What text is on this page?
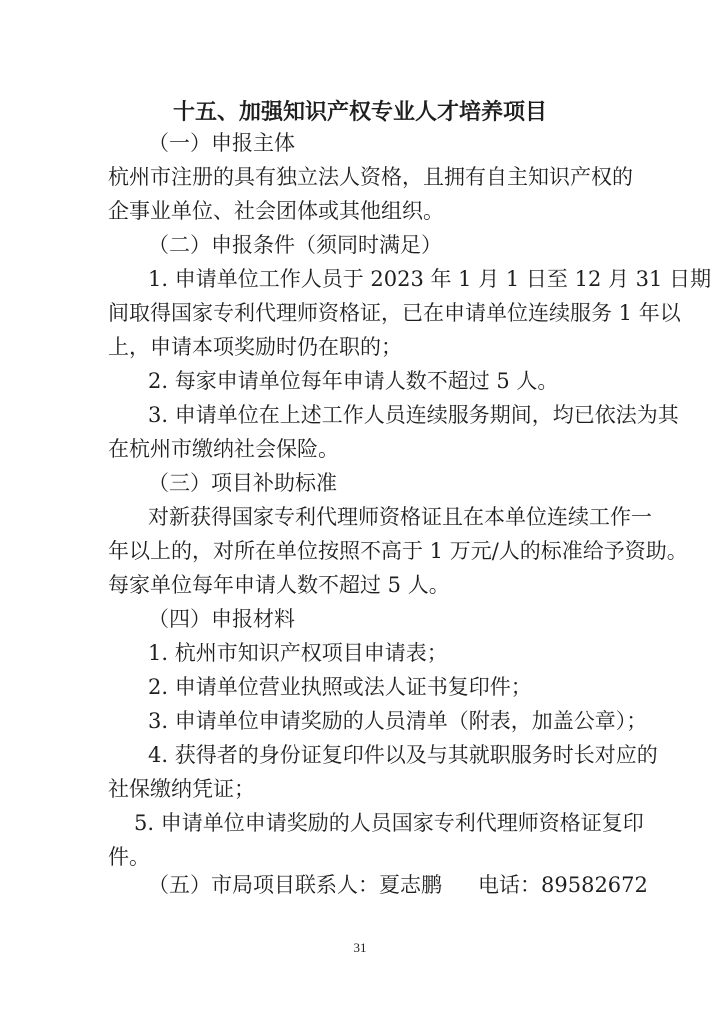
十五、加强知识产权专业人才培养项目
（一）申报主体
杭州市注册的具有独立法人资格，且拥有自主知识产权的
企事业单位、社会团体或其他组织。
（二）申报条件（须同时满足）
1. 申请单位工作人员于 2023 年 1 月 1 日至 12 月 31 日期
间取得国家专利代理师资格证，已在申请单位连续服务 1 年以
上，申请本项奖励时仍在职的；
2. 每家申请单位每年申请人数不超过 5 人。
3. 申请单位在上述工作人员连续服务期间，均已依法为其
在杭州市缴纳社会保险。
（三）项目补助标准
对新获得国家专利代理师资格证且在本单位连续工作一
年以上的，对所在单位按照不高于 1 万元/人的标准给予资助。
每家单位每年申请人数不超过 5 人。
（四）申报材料
1. 杭州市知识产权项目申请表；
2. 申请单位营业执照或法人证书复印件；
3. 申请单位申请奖励的人员清单（附表，加盖公章）；
4. 获得者的身份证复印件以及与其就职服务时长对应的
社保缴纳凭证；
5. 申请单位申请奖励的人员国家专利代理师资格证复印
件。
（五）市局项目联系人：夏志鹏 电话：89582672
31
